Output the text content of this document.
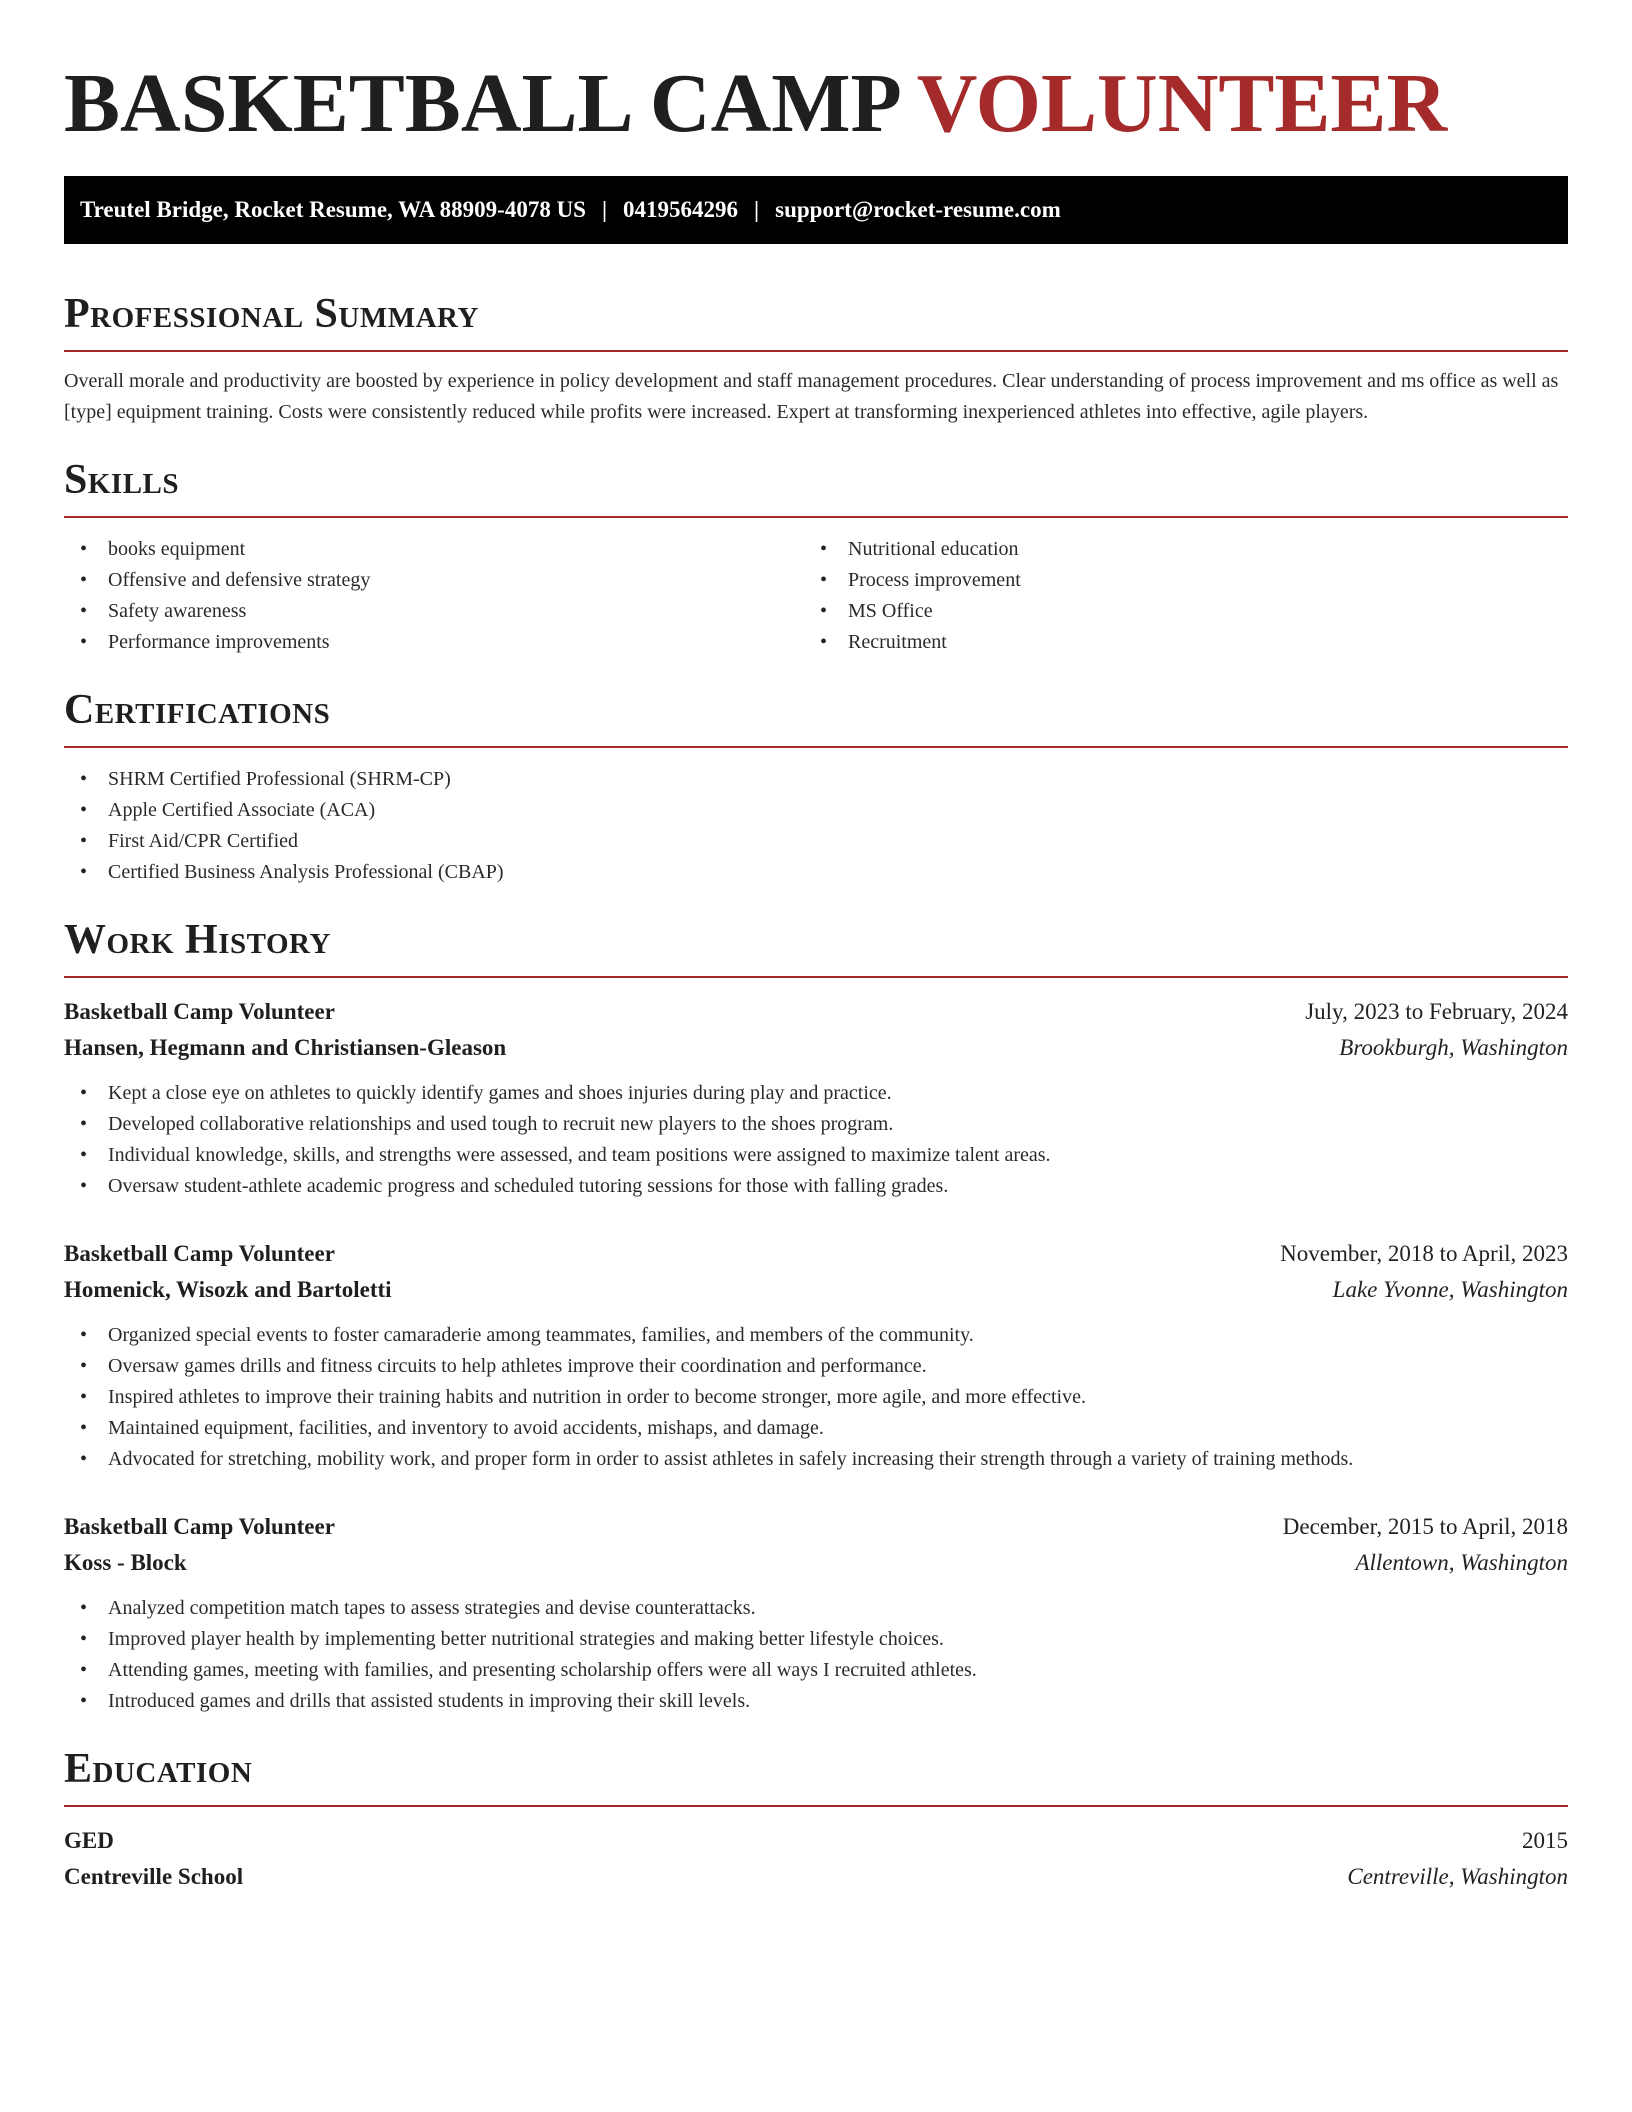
BASKETBALL CAMP VOLUNTEER
Treutel Bridge, Rocket Resume, WA 88909-4078 US | 0419564296 | support@rocket-resume.com
Professional Summary

Overall morale and productivity are boosted by experience in policy development and staff management procedures. Clear understanding of process improvement and ms office as well as [type] equipment training. Costs were consistently reduced while profits were increased. Expert at transforming inexperienced athletes into effective, agile players.

Skills
• books equipment
• Offensive and defensive strategy
• Safety awareness
• Performance improvements
• Nutritional education
• Process improvement
• MS Office
• Recruitment
Certifications
• SHRM Certified Professional (SHRM-CP)
• Apple Certified Associate (ACA)
• First Aid/CPR Certified
• Certified Business Analysis Professional (CBAP)
Work History
Basketball Camp Volunteer	July, 2023 to February, 2024
Hansen, Hegmann and Christiansen-Gleason	Brookburgh, Washington
• Kept a close eye on athletes to quickly identify games and shoes injuries during play and practice.
• Developed collaborative relationships and used tough to recruit new players to the shoes program.
• Individual knowledge, skills, and strengths were assessed, and team positions were assigned to maximize talent areas.
• Oversaw student-athlete academic progress and scheduled tutoring sessions for those with falling grades.
Basketball Camp Volunteer	November, 2018 to April, 2023
Homenick, Wisozk and Bartoletti	Lake Yvonne, Washington
• Organized special events to foster camaraderie among teammates, families, and members of the community.
• Oversaw games drills and fitness circuits to help athletes improve their coordination and performance.
• Inspired athletes to improve their training habits and nutrition in order to become stronger, more agile, and more effective.
• Maintained equipment, facilities, and inventory to avoid accidents, mishaps, and damage.
• Advocated for stretching, mobility work, and proper form in order to assist athletes in safely increasing their strength through a variety of training methods.
Basketball Camp Volunteer	December, 2015 to April, 2018
Koss - Block	Allentown, Washington
• Analyzed competition match tapes to assess strategies and devise counterattacks.
• Improved player health by implementing better nutritional strategies and making better lifestyle choices.
• Attending games, meeting with families, and presenting scholarship offers were all ways I recruited athletes.
• Introduced games and drills that assisted students in improving their skill levels.
Education
GED	2015
Centreville School	Centreville, Washington
